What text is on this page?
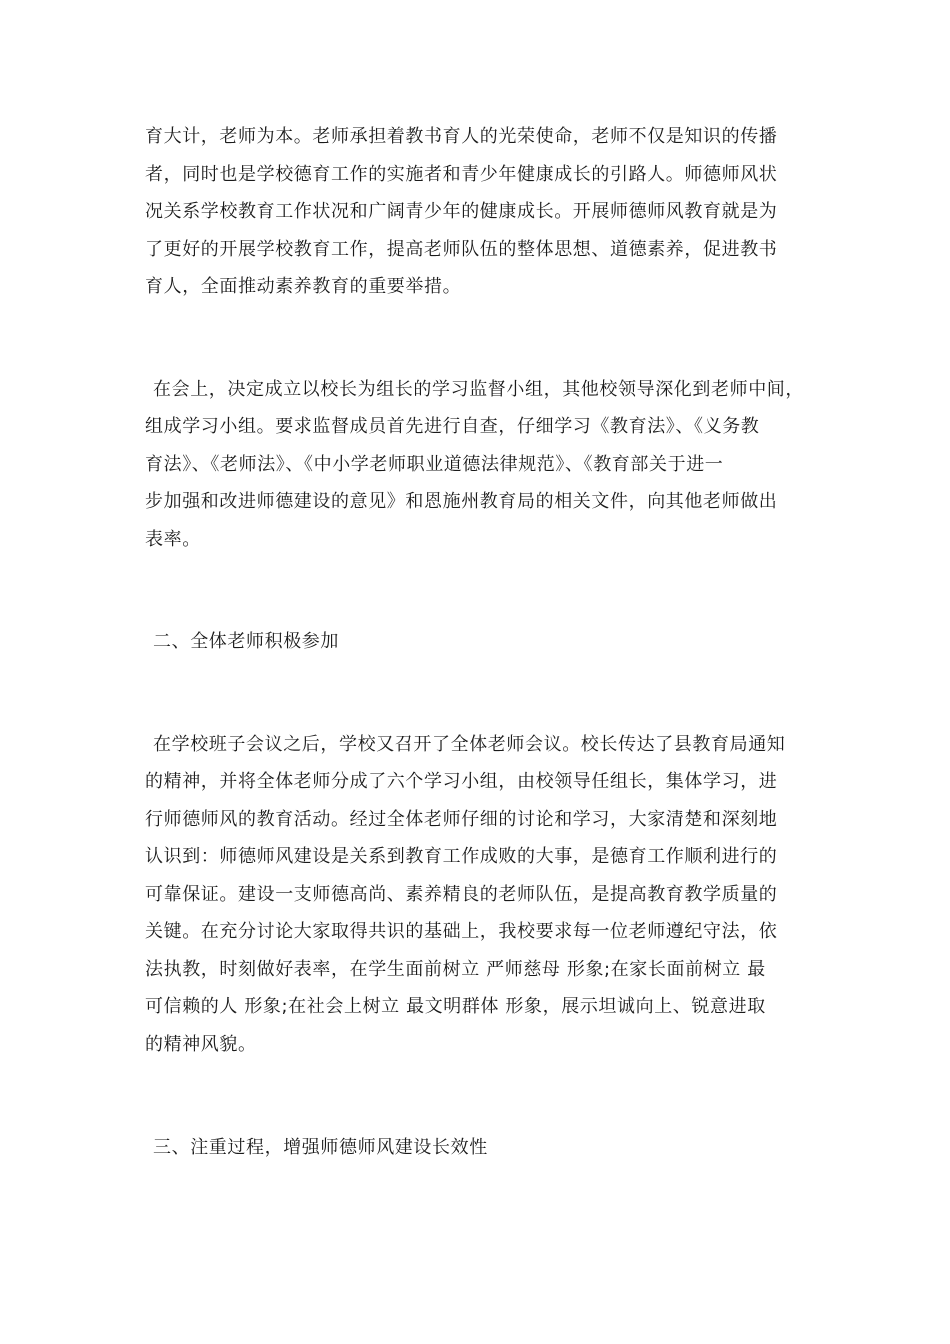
育大计，老师为本。老师承担着教书育人的光荣使命，老师不仅是知识的传播
者，同时也是学校德育工作的实施者和青少年健康成长的引路人。师德师风状
况关系学校教育工作状况和广阔青少年的健康成长。开展师德师风教育就是为
了更好的开展学校教育工作，提高老师队伍的整体思想、道德素养，促进教书
育人，全面推动素养教育的重要举措。
在会上，决定成立以校长为组长的学习监督小组，其他校领导深化到老师中间，
组成学习小组。要求监督成员首先进行自查，仔细学习《教育法》、《义务教
育法》、《老师法》、《中小学老师职业道德法律规范》、《教育部关于进一
步加强和改进师德建设的意见》和恩施州教育局的相关文件，向其他老师做出
表率。
二、全体老师积极参加
在学校班子会议之后，学校又召开了全体老师会议。校长传达了县教育局通知
的精神，并将全体老师分成了六个学习小组，由校领导任组长，集体学习，进
行师德师风的教育活动。经过全体老师仔细的讨论和学习，大家清楚和深刻地
认识到：师德师风建设是关系到教育工作成败的大事，是德育工作顺利进行的
可靠保证。建设一支师德高尚、素养精良的老师队伍，是提高教育教学质量的
关键。在充分讨论大家取得共识的基础上，我校要求每一位老师遵纪守法，依
法执教，时刻做好表率，在学生面前树立 严师慈母 形象;在家长面前树立 最
可信赖的人 形象;在社会上树立 最文明群体 形象，展示坦诚向上、锐意进取
的精神风貌。
三、注重过程，增强师德师风建设长效性
